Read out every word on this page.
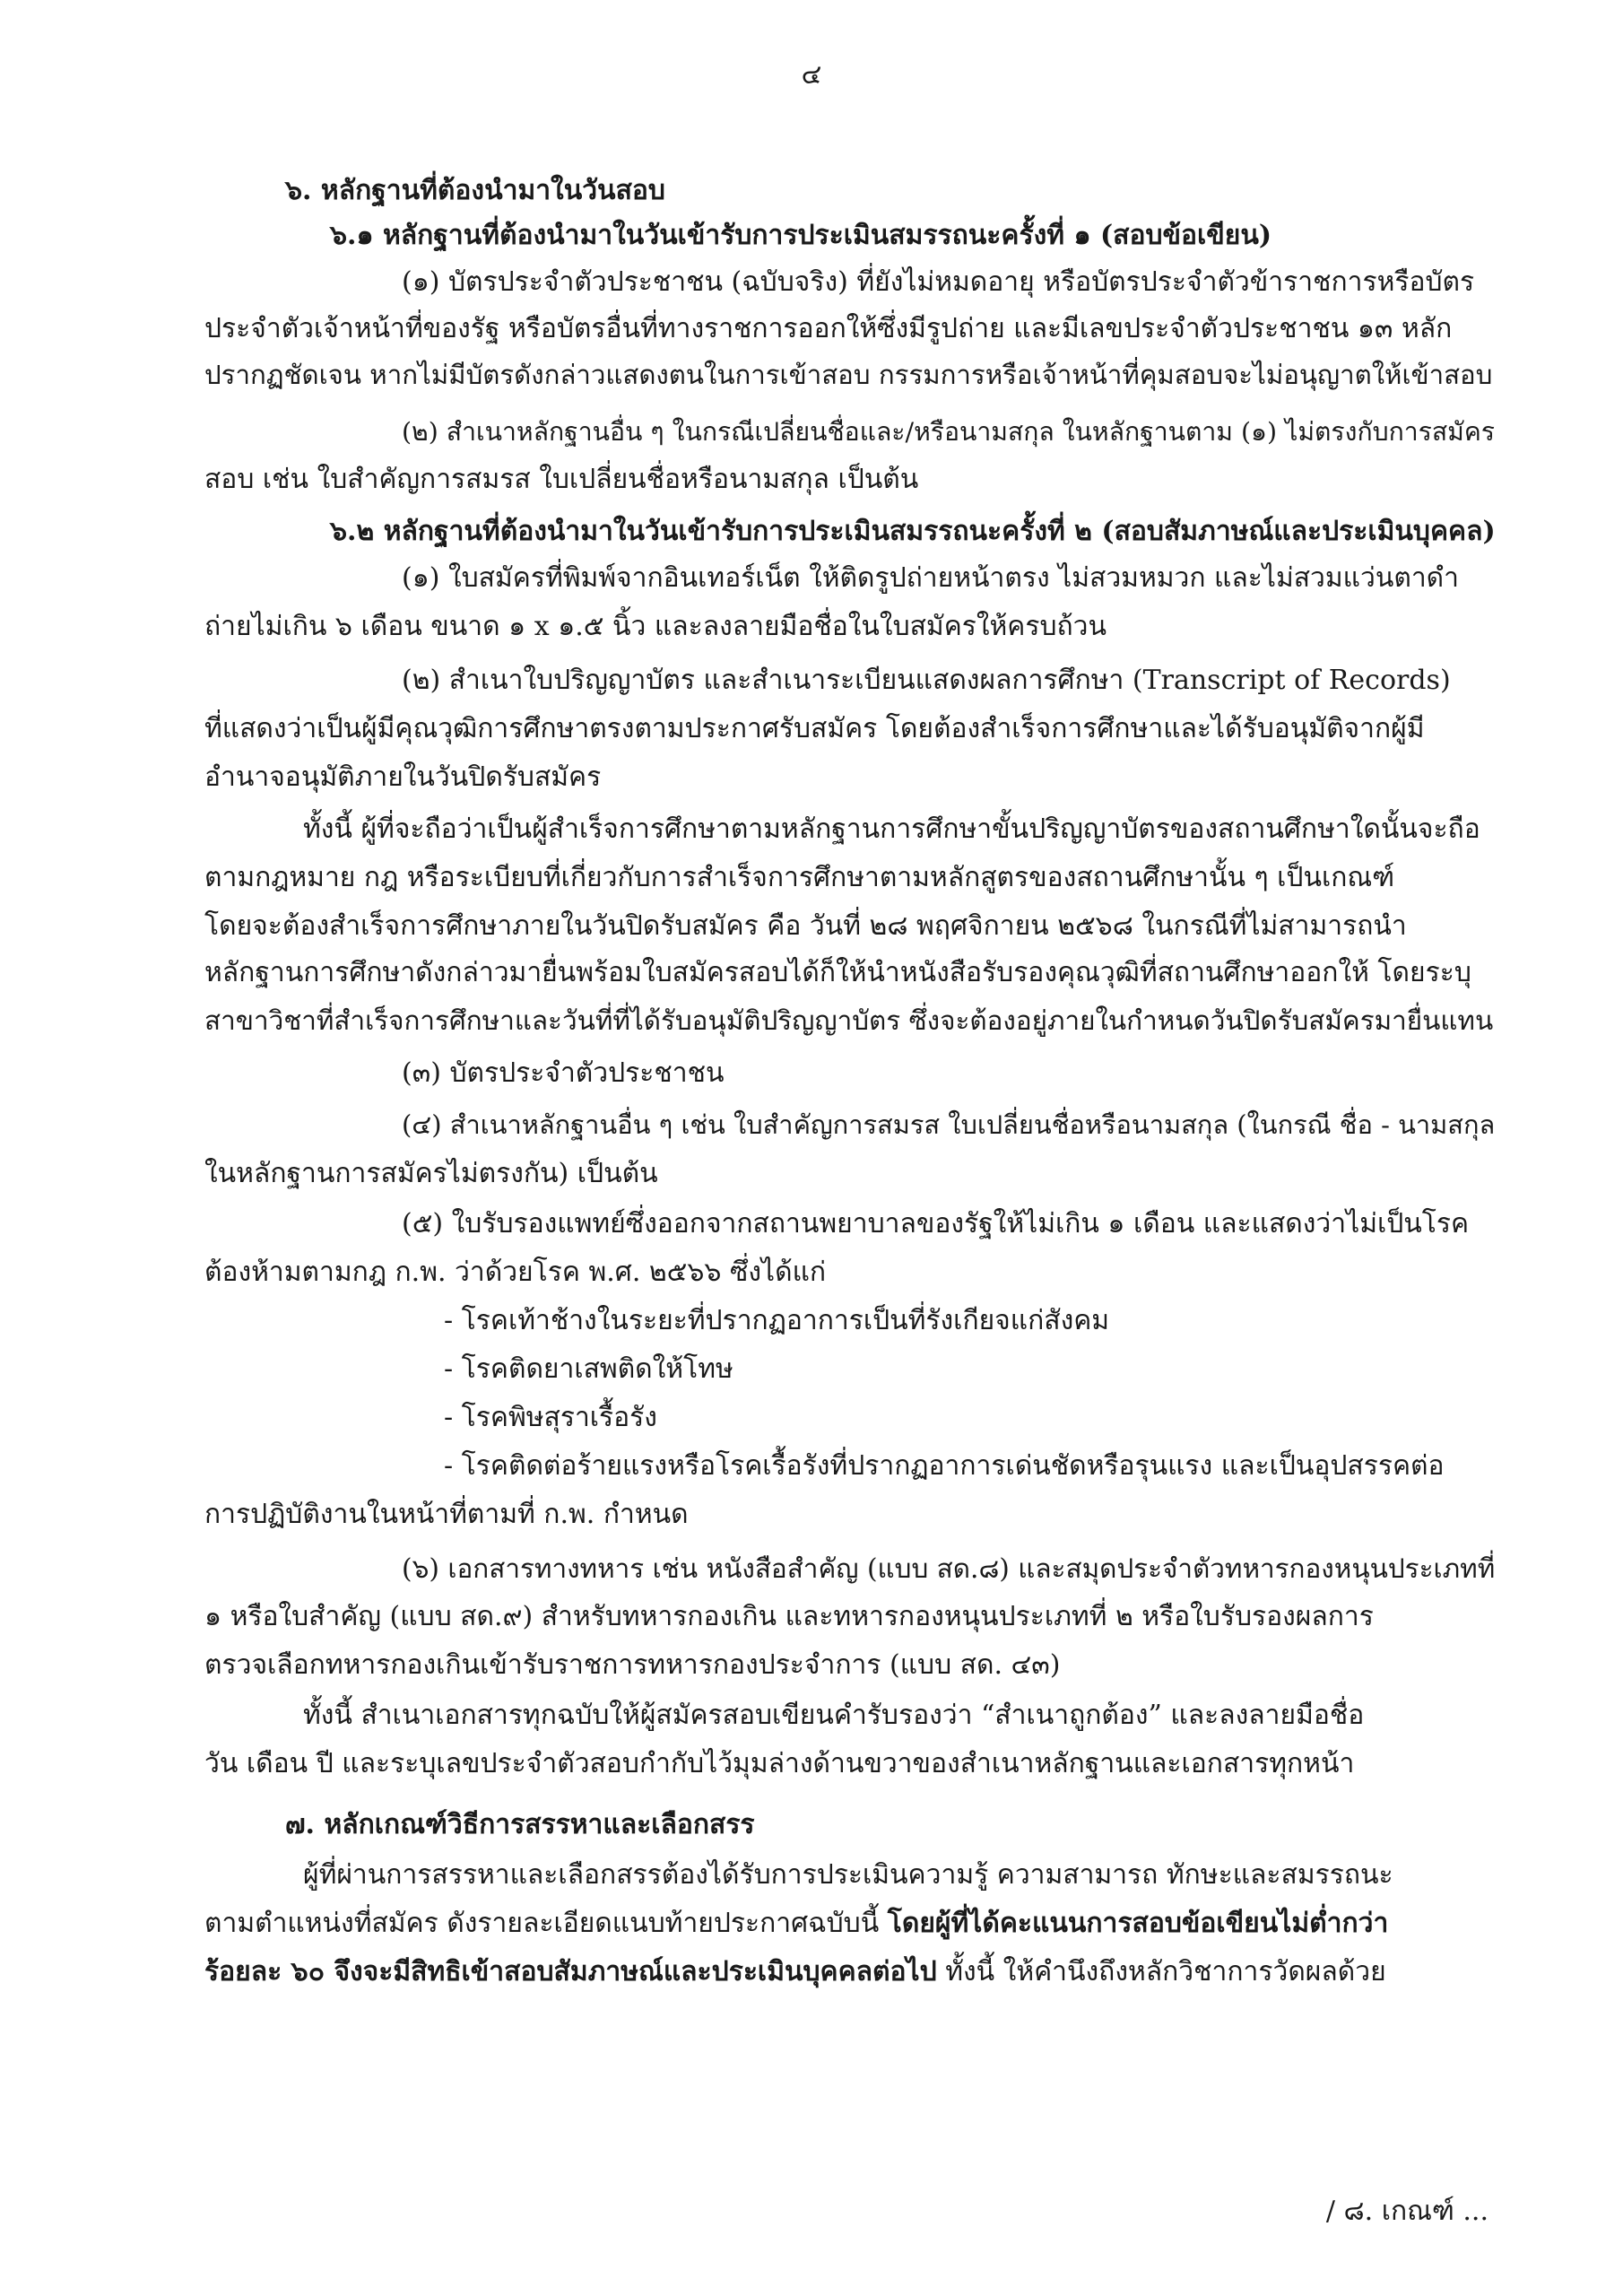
๔
๖. หลักฐานที่ต้องนำมาในวันสอบ
๖.๑ หลักฐานที่ต้องนำมาในวันเข้ารับการประเมินสมรรถนะครั้งที่ ๑ (สอบข้อเขียน)
(๑) บัตรประจำตัวประชาชน (ฉบับจริง) ที่ยังไม่หมดอายุ หรือบัตรประจำตัวข้าราชการหรือบัตร
ประจำตัวเจ้าหน้าที่ของรัฐ หรือบัตรอื่นที่ทางราชการออกให้ซึ่งมีรูปถ่าย และมีเลขประจำตัวประชาชน ๑๓ หลัก
ปรากฏชัดเจน หากไม่มีบัตรดังกล่าวแสดงตนในการเข้าสอบ กรรมการหรือเจ้าหน้าที่คุมสอบจะไม่อนุญาตให้เข้าสอบ
(๒) สำเนาหลักฐานอื่น ๆ ในกรณีเปลี่ยนชื่อและ/หรือนามสกุล ในหลักฐานตาม (๑) ไม่ตรงกับการสมัคร
สอบ เช่น ใบสำคัญการสมรส ใบเปลี่ยนชื่อหรือนามสกุล เป็นต้น
๖.๒ หลักฐานที่ต้องนำมาในวันเข้ารับการประเมินสมรรถนะครั้งที่ ๒ (สอบสัมภาษณ์และประเมินบุคคล)
(๑) ใบสมัครที่พิมพ์จากอินเทอร์เน็ต ให้ติดรูปถ่ายหน้าตรง ไม่สวมหมวก และไม่สวมแว่นตาดำ
ถ่ายไม่เกิน ๖ เดือน ขนาด ๑ x ๑.๕ นิ้ว และลงลายมือชื่อในใบสมัครให้ครบถ้วน
(๒) สำเนาใบปริญญาบัตร และสำเนาระเบียนแสดงผลการศึกษา (Transcript of Records)
ที่แสดงว่าเป็นผู้มีคุณวุฒิการศึกษาตรงตามประกาศรับสมัคร โดยต้องสำเร็จการศึกษาและได้รับอนุมัติจากผู้มี
อำนาจอนุมัติภายในวันปิดรับสมัคร
ทั้งนี้ ผู้ที่จะถือว่าเป็นผู้สำเร็จการศึกษาตามหลักฐานการศึกษาขั้นปริญญาบัตรของสถานศึกษาใดนั้นจะถือ
ตามกฎหมาย กฎ หรือระเบียบที่เกี่ยวกับการสำเร็จการศึกษาตามหลักสูตรของสถานศึกษานั้น ๆ เป็นเกณฑ์
โดยจะต้องสำเร็จการศึกษาภายในวันปิดรับสมัคร คือ วันที่ ๒๘ พฤศจิกายน ๒๕๖๘ ในกรณีที่ไม่สามารถนำ
หลักฐานการศึกษาดังกล่าวมายื่นพร้อมใบสมัครสอบได้ก็ให้นำหนังสือรับรองคุณวุฒิที่สถานศึกษาออกให้ โดยระบุ
สาขาวิชาที่สำเร็จการศึกษาและวันที่ที่ได้รับอนุมัติปริญญาบัตร ซึ่งจะต้องอยู่ภายในกำหนดวันปิดรับสมัครมายื่นแทน
(๓) บัตรประจำตัวประชาชน
(๔) สำเนาหลักฐานอื่น ๆ เช่น ใบสำคัญการสมรส ใบเปลี่ยนชื่อหรือนามสกุล (ในกรณี ชื่อ - นามสกุล
ในหลักฐานการสมัครไม่ตรงกัน) เป็นต้น
(๕) ใบรับรองแพทย์ซึ่งออกจากสถานพยาบาลของรัฐให้ไม่เกิน ๑ เดือน และแสดงว่าไม่เป็นโรค
ต้องห้ามตามกฎ ก.พ. ว่าด้วยโรค พ.ศ. ๒๕๖๖ ซึ่งได้แก่
- โรคเท้าช้างในระยะที่ปรากฏอาการเป็นที่รังเกียจแก่สังคม
- โรคติดยาเสพติดให้โทษ
- โรคพิษสุราเรื้อรัง
- โรคติดต่อร้ายแรงหรือโรคเรื้อรังที่ปรากฏอาการเด่นชัดหรือรุนแรง และเป็นอุปสรรคต่อ
การปฏิบัติงานในหน้าที่ตามที่ ก.พ. กำหนด
(๖) เอกสารทางทหาร เช่น หนังสือสำคัญ (แบบ สด.๘) และสมุดประจำตัวทหารกองหนุนประเภทที่
๑ หรือใบสำคัญ (แบบ สด.๙) สำหรับทหารกองเกิน และทหารกองหนุนประเภทที่ ๒ หรือใบรับรองผลการ
ตรวจเลือกทหารกองเกินเข้ารับราชการทหารกองประจำการ (แบบ สด. ๔๓)
ทั้งนี้ สำเนาเอกสารทุกฉบับให้ผู้สมัครสอบเขียนคำรับรองว่า “สำเนาถูกต้อง” และลงลายมือชื่อ
วัน เดือน ปี และระบุเลขประจำตัวสอบกำกับไว้มุมล่างด้านขวาของสำเนาหลักฐานและเอกสารทุกหน้า
๗. หลักเกณฑ์วิธีการสรรหาและเลือกสรร
ผู้ที่ผ่านการสรรหาและเลือกสรรต้องได้รับการประเมินความรู้ ความสามารถ ทักษะและสมรรถนะ
ตามตำแหน่งที่สมัคร ดังรายละเอียดแนบท้ายประกาศฉบับนี้ โดยผู้ที่ได้คะแนนการสอบข้อเขียนไม่ต่ำกว่า
ร้อยละ ๖๐ จึงจะมีสิทธิเข้าสอบสัมภาษณ์และประเมินบุคคลต่อไป ทั้งนี้ ให้คำนึงถึงหลักวิชาการวัดผลด้วย
/ ๘. เกณฑ์ ...
